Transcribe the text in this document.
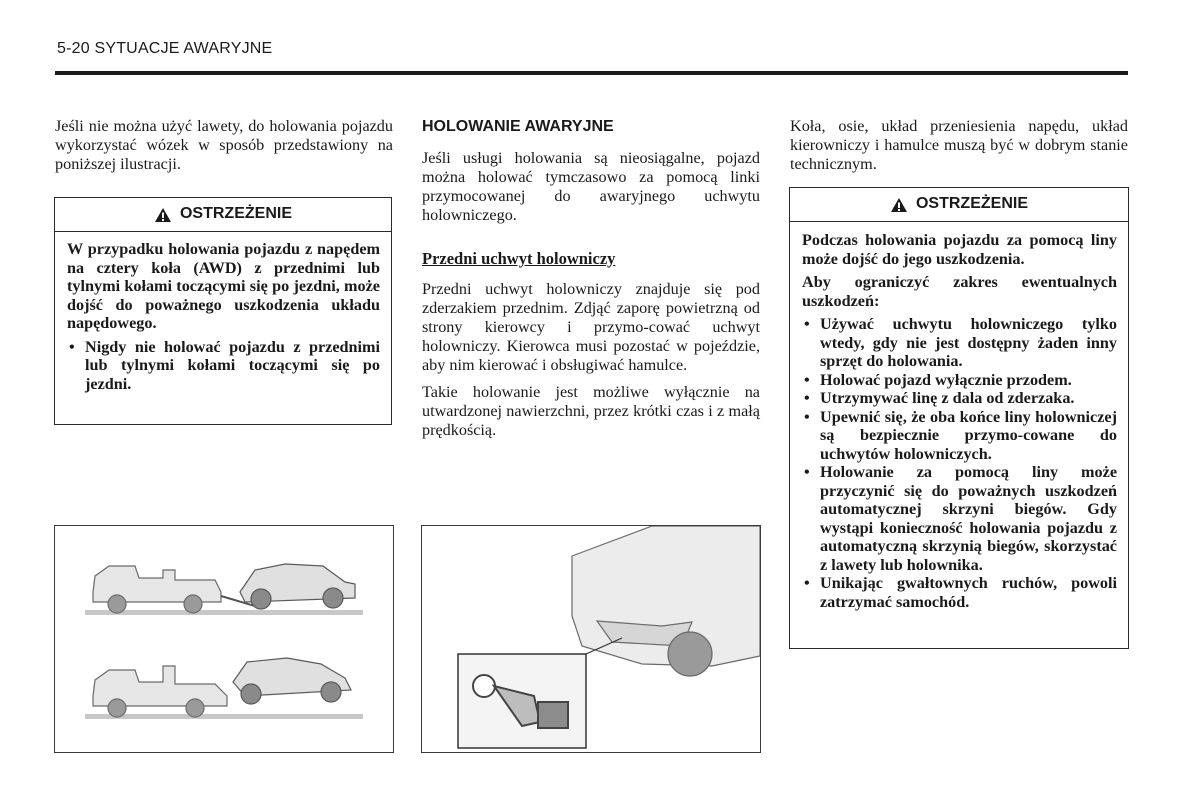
5-20 SYTUACJE AWARYJNE

Jeśli nie można użyć lawety, do holowania pojazdu wykorzystać wózek w sposób przedstawiony na poniższej ilustracji.

OSTRZEŻENIE

W przypadku holowania pojazdu z napędem na cztery koła (AWD) z przednimi lub tylnymi kołami toczącymi się po jezdni, może dojść do poważnego uszkodzenia układu napędowego.

• Nigdy nie holować pojazdu z przednimi lub tylnymi kołami toczącymi się po jezdni.
HOLOWANIE AWARYJNE

Jeśli usługi holowania są nieosiągalne, pojazd można holować tymczasowo za pomocą linki przymocowanej do awaryjnego uchwytu holowniczego.

Przedni uchwyt holowniczy

Przedni uchwyt holowniczy znajduje się pod zderzakiem przednim. Zdjąć zaporę powietrzną od strony kierowcy i przymo-cować uchwyt holowniczy. Kierowca musi pozostać w pojeździe, aby nim kierować i obsługiwać hamulce.

Takie holowanie jest możliwe wyłącznie na utwardzonej nawierzchni, przez krótki czas i z małą prędkością.

Koła, osie, układ przeniesienia napędu, układ kierowniczy i hamulce muszą być w dobrym stanie technicznym.

OSTRZEŻENIE

Podczas holowania pojazdu za pomocą liny może dojść do jego uszkodzenia.

Aby ograniczyć zakres ewentualnych uszkodzeń:

• Używać uchwytu holowniczego tylko wtedy, gdy nie jest dostępny żaden inny sprzęt do holowania.
• Holować pojazd wyłącznie przodem.
• Utrzymywać linę z dala od zderzaka.
• Upewnić się, że oba końce liny holowniczej są bezpiecznie przymo-cowane do uchwytów holowniczych.
• Holowanie za pomocą liny może przyczynić się do poważnych uszkodzeń automatycznej skrzyni biegów. Gdy wystąpi konieczność holowania pojazdu z automatyczną skrzynią biegów, skorzystać z lawety lub holownika.
• Unikając gwałtownych ruchów, powoli zatrzymać samochód.
